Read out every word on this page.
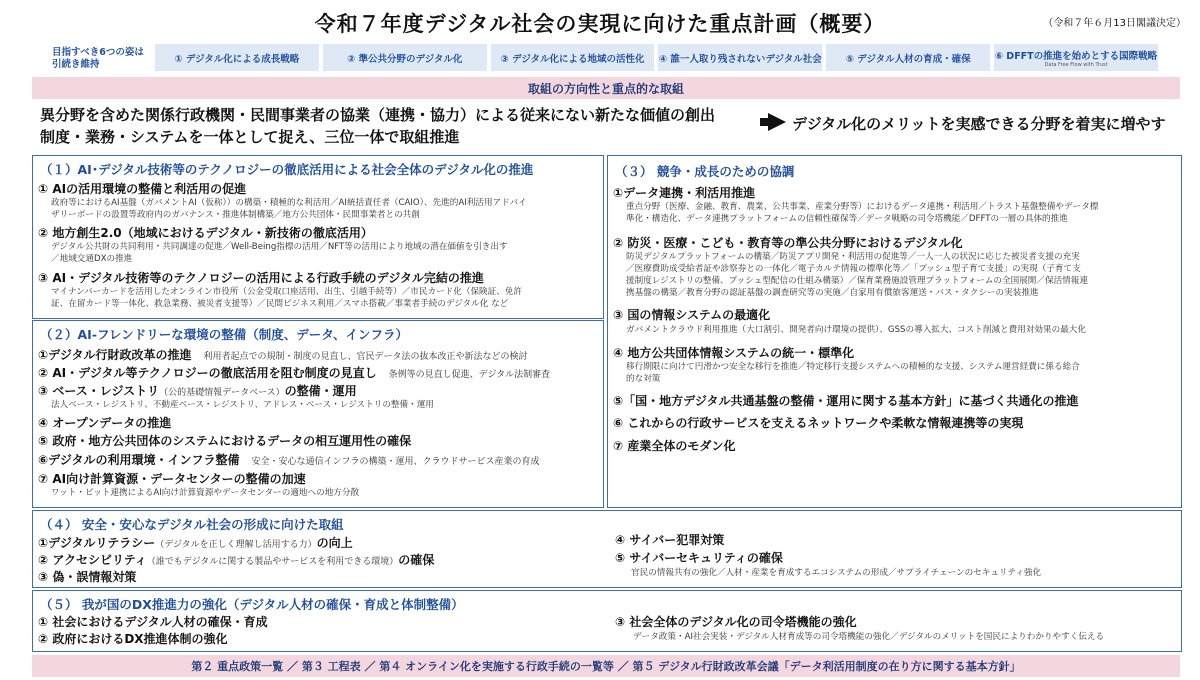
令和７年度デジタル社会の実現に向けた重点計画（概要）	（令和７年６月13日閣議決定）
目指すべき6つの姿は引続き維持	① デジタル化による成長戦略	② 準公共分野のデジタル化	③ デジタル化による地域の活性化 ④ 誰一人取り残されないデジタル社会	⑤ デジタル人材の育成・確保	⑥ DFFTの推進を始めとする国際戦略
Data Free Flow with Trust
取組の方向性と重点的な取組
異分野を含めた関係行政機関・民間事業者の協業（連携・協力）による従来にない新たな価値の創出
制度・業務・システムを一体として捉え、三位一体で取組推進
デジタル化のメリットを実感できる分野を着実に増やす
（１）AI･デジタル技術等のテクノロジーの徹底活用による社会全体のデジタル化の推進
① AIの活用環境の整備と利活用の促進
政府等におけるAI基盤（ガバメントAI（仮称））の構築・積極的な利活用／AI統括責任者（CAIO）、先進的AI利活用アドバイ
ザリーボードの設置等政府内のガバナンス・推進体制構築／地方公共団体・民間事業者との共創
② 地方創生2.0（地域におけるデジタル・新技術の徹底活用）
デジタル公共財の共同利用・共同調達の促進／Well-Being指標の活用／NFT等の活用により地域の潜在価値を引き出す
／地域交通DXの推進
③ AI・デジタル技術等のテクノロジーの活用による行政手続のデジタル完結の推進
マイナンバーカードを活用したオンライン市役所（公金受取口座活用、出生、引越手続等）／市民カード化（保険証、免許
証、在留カード等一体化、救急業務、被災者支援等）／民間ビジネス利用／スマホ搭載／事業者手続のデジタル化 など
（２）AI-フレンドリーな環境の整備（制度、データ、インフラ）
①デジタル行財政改革の推進　 利用者起点での規制・制度の見直し、官民データ法の抜本改正や新法などの検討
② AI・デジタル等テクノロジーの徹底活用を阻む制度の見直し　 条例等の見直し促進、デジタル法制審査
③ ベース・レジストリ（公的基礎情報データベース）の整備・運用
法人ベース・レジストリ、不動産ベース・レジストリ、アドレス・ベース・レジストリの整備・運用
④ オープンデータの推進
⑤ 政府・地方公共団体のシステムにおけるデータの相互運用性の確保
⑥デジタルの利用環境・インフラ整備　 安全・安心な通信インフラの構築・運用、クラウドサービス産業の育成
⑦ AI向け計算資源・データセンターの整備の加速
ワット・ビット連携によるAI向け計算資源やデータセンターの適地への地方分散
（３） 競争・成長のための協調
①データ連携・利活用推進
重点分野（医療、金融、教育、農業、公共事業、産業分野等）におけるデータ連携・利活用／トラスト基盤整備やデータ標
準化・構造化、データ連携プラットフォームの信頼性確保等／データ戦略の司令塔機能／DFFTの一層の具体的推進
② 防災・医療・こども・教育等の準公共分野におけるデジタル化
防災デジタルプラットフォームの構築／防災アプリ開発・利活用の促進等／一人一人の状況に応じた被災者支援の充実
／医療費助成受給者証や診察券との一体化／電子カルテ情報の標準化等／「プッシュ型子育て支援」の実現（子育て支
援制度レジストリの整備、プッシュ型配信の仕組み構築）／保育業務施設管理プラットフォームの全国展開／保活情報連
携基盤の構築／教育分野の認証基盤の調査研究等の実施／自家用有償旅客運送・バス・タクシーの実装推進
③ 国の情報システムの最適化
ガバメントクラウド利用推進（大口割引、開発者向け環境の提供）、GSSの導入拡大、コスト削減と費用対効果の最大化
④ 地方公共団体情報システムの統一・標準化
移行期限に向けて円滑かつ安全な移行を推進／特定移行支援システムへの積極的な支援、システム運営経費に係る総合
的な対策
⑤「国・地方デジタル共通基盤の整備・運用に関する基本方針」に基づく共通化の推進
⑥ これからの行政サービスを支えるネットワークや柔軟な情報連携等の実現
⑦ 産業全体のモダン化
（４） 安全・安心なデジタル社会の形成に向けた取組
①デジタルリテラシー（デジタルを正しく理解し活用する力）の向上
② アクセシビリティ（誰でもデジタルに関する製品やサービスを利用できる環境）の確保
③ 偽・誤情報対策
④ サイバー犯罪対策
⑤ サイバーセキュリティの確保
官民の情報共有の強化／人材・産業を育成するエコシステムの形成／サプライチェーンのセキュリティ強化
（５） 我が国のDX推進力の強化（デジタル人材の確保・育成と体制整備）
① 社会におけるデジタル人材の確保・育成
② 政府におけるDX推進体制の強化
③ 社会全体のデジタル化の司令塔機能の強化
データ政策・AI社会実装・デジタル人材育成等の司令塔機能の強化／デジタルのメリットを国民によりわかりやすく伝える
第２ 重点政策一覧 ／ 第３ 工程表 ／ 第４ オンライン化を実施する行政手続の一覧等 ／ 第５ デジタル行財政改革会議「データ利活用制度の在り方に関する基本方針」
